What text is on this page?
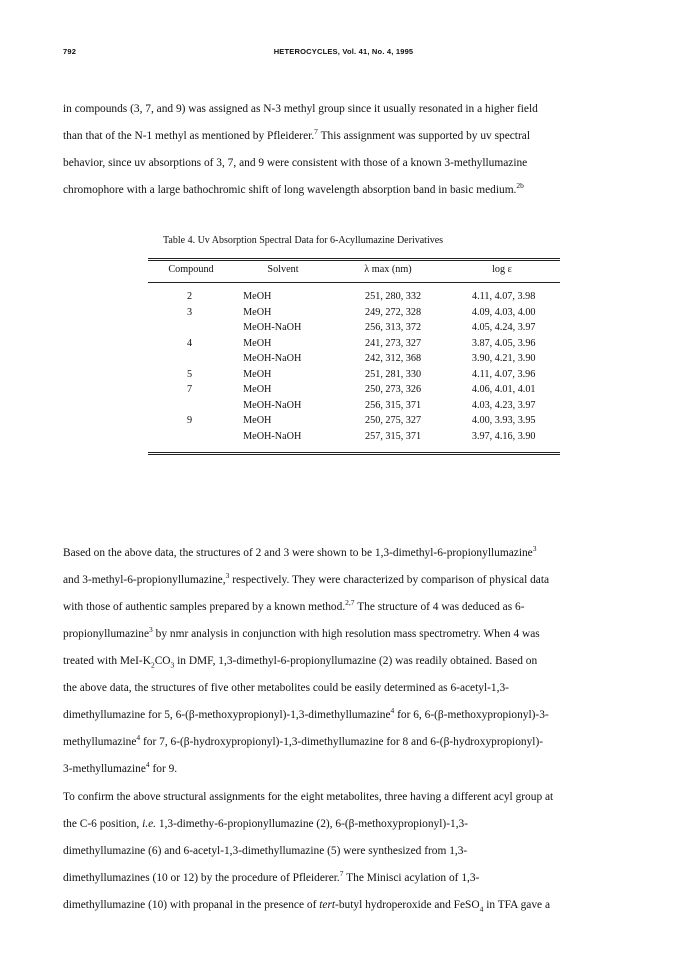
792	HETEROCYCLES, Vol. 41, No. 4, 1995

in compounds (3, 7, and 9) was assigned as N-3 methyl group since it usually resonated in a higher field

than that of the N-1 methyl as mentioned by Pfleiderer.$^7$ This assignment was supported by uv spectral

behavior, since uv absorptions of 3, 7, and 9 were consistent with those of a known 3-methyllumazine

chromophore with a large bathochromic shift of long wavelength absorption band in basic medium.$^{2b}$

Table 4. Uv Absorption Spectral Data for 6-Acyllumazine Derivatives
Compound	Solvent	λ max (nm)	log ε
2	MeOH	251, 280, 332	4.11, 4.07, 3.98
3	MeOH	249, 272, 328	4.09, 4.03, 4.00
	MeOH-NaOH	256, 313, 372	4.05, 4.24, 3.97
4	MeOH	241, 273, 327	3.87, 4.05, 3.96
	MeOH-NaOH	242, 312, 368	3.90, 4.21, 3.90
5	MeOH	251, 281, 330	4.11, 4.07, 3.96
7	MeOH	250, 273, 326	4.06, 4.01, 4.01
	MeOH-NaOH	256, 315, 371	4.03, 4.23, 3.97
9	MeOH	250, 275, 327	4.00, 3.93, 3.95
	MeOH-NaOH	257, 315, 371	3.97, 4.16, 3.90

Based on the above data, the structures of 2 and 3 were shown to be 1,3-dimethyl-6-propionyllumazine$^3$

and 3-methyl-6-propionyllumazine,$^3$ respectively. They were characterized by comparison of physical data

with those of authentic samples prepared by a known method.$^{2,7}$ The structure of 4 was deduced as 6-

propionyllumazine$^3$ by nmr analysis in conjunction with high resolution mass spectrometry. When 4 was

treated with MeI-$K_2CO_3$ in DMF, 1,3-dimethyl-6-propionyllumazine (2) was readily obtained. Based on

the above data, the structures of five other metabolites could be easily determined as 6-acetyl-1,3-

dimethyllumazine for 5, 6-(β-methoxypropionyl)-1,3-dimethyllumazine$^4$ for 6, 6-(β-methoxypropionyl)-3-

methyllumazine$^4$ for 7, 6-(β-hydroxypropionyl)-1,3-dimethyllumazine for 8 and 6-(β-hydroxypropionyl)-

3-methyllumazine$^4$ for 9.

To confirm the above structural assignments for the eight metabolites, three having a different acyl group at

the C-6 position, i.e. 1,3-dimethy-6-propionyllumazine (2), 6-(β-methoxypropionyl)-1,3-

dimethyllumazine (6) and 6-acetyl-1,3-dimethyllumazine (5) were synthesized from 1,3-

dimethyllumazines (10 or 12) by the procedure of Pfleiderer.$^7$ The Minisci acylation of 1,3-

dimethyllumazine (10) with propanal in the presence of tert-butyl hydroperoxide and FeSO$_4$ in TFA gave a
